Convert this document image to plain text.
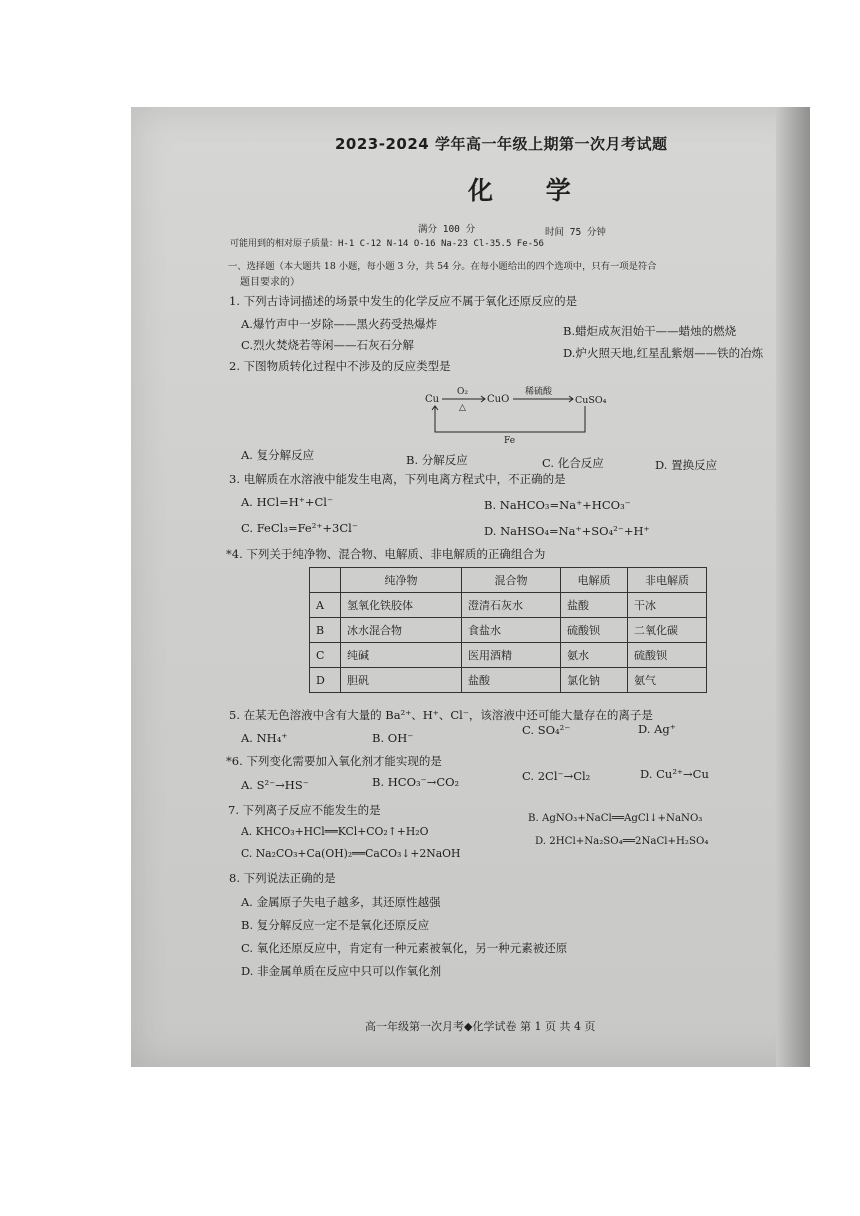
2023-2024 学年高一年级上期第一次月考试题
化 学
满分 100 分	时间 75 分钟
可能用到的相对原子质量：H-1 C-12 N-14 O-16 Na-23 Cl-35.5 Fe-56
一、选择题（本大题共 18 小题，每小题 3 分，共 54 分。在每小题给出的四个选项中，只有一项是符合
题目要求的）
1. 下列古诗词描述的场景中发生的化学反应不属于氧化还原反应的是
A.爆竹声中一岁除——黑火药受热爆炸	B.蜡炬成灰泪始干——蜡烛的燃烧
C.烈火焚烧若等闲——石灰石分解
D.炉火照天地,红星乱紫烟——铁的冶炼
2. 下图物质转化过程中不涉及的反应类型是
Cu
O₂
△
CuO
稀硫酸
CuSO₄
Fe
A. 复分解反应	B. 分解反应	C. 化合反应	D. 置换反应
3. 电解质在水溶液中能发生电离，下列电离方程式中，不正确的是
A. HCl=H⁺+Cl⁻	B. NaHCO₃=Na⁺+HCO₃⁻
C. FeCl₃=Fe²⁺+3Cl⁻	D. NaHSO₄=Na⁺+SO₄²⁻+H⁺
*4. 下列关于纯净物、混合物、电解质、非电解质的正确组合为
	纯净物	混合物	电解质	非电解质
A	氢氧化铁胶体	澄清石灰水	盐酸	干冰
B	冰水混合物	食盐水	硫酸钡	二氧化碳
C	纯碱	医用酒精	氨水	硫酸钡
D	胆矾	盐酸	氯化钠	氨气
5. 在某无色溶液中含有大量的 Ba²⁺、H⁺、Cl⁻，该溶液中还可能大量存在的离子是
A. NH₄⁺	B. OH⁻
C. SO₄²⁻	D. Ag⁺
*6. 下列变化需要加入氧化剂才能实现的是
A. S²⁻→HS⁻	B. HCO₃⁻→CO₂	C. 2Cl⁻→Cl₂	D. Cu²⁺→Cu
7. 下列离子反应不能发生的是
A. KHCO₃+HCl══KCl+CO₂↑+H₂O
B. AgNO₃+NaCl══AgCl↓+NaNO₃
C. Na₂CO₃+Ca(OH)₂══CaCO₃↓+2NaOH
D. 2HCl+Na₂SO₄══2NaCl+H₂SO₄
8. 下列说法正确的是
A. 金属原子失电子越多，其还原性越强
B. 复分解反应一定不是氧化还原反应
C. 氧化还原反应中，肯定有一种元素被氧化，另一种元素被还原
D. 非金属单质在反应中只可以作氧化剂
高一年级第一次月考◆化学试卷 第 1 页 共 4 页
